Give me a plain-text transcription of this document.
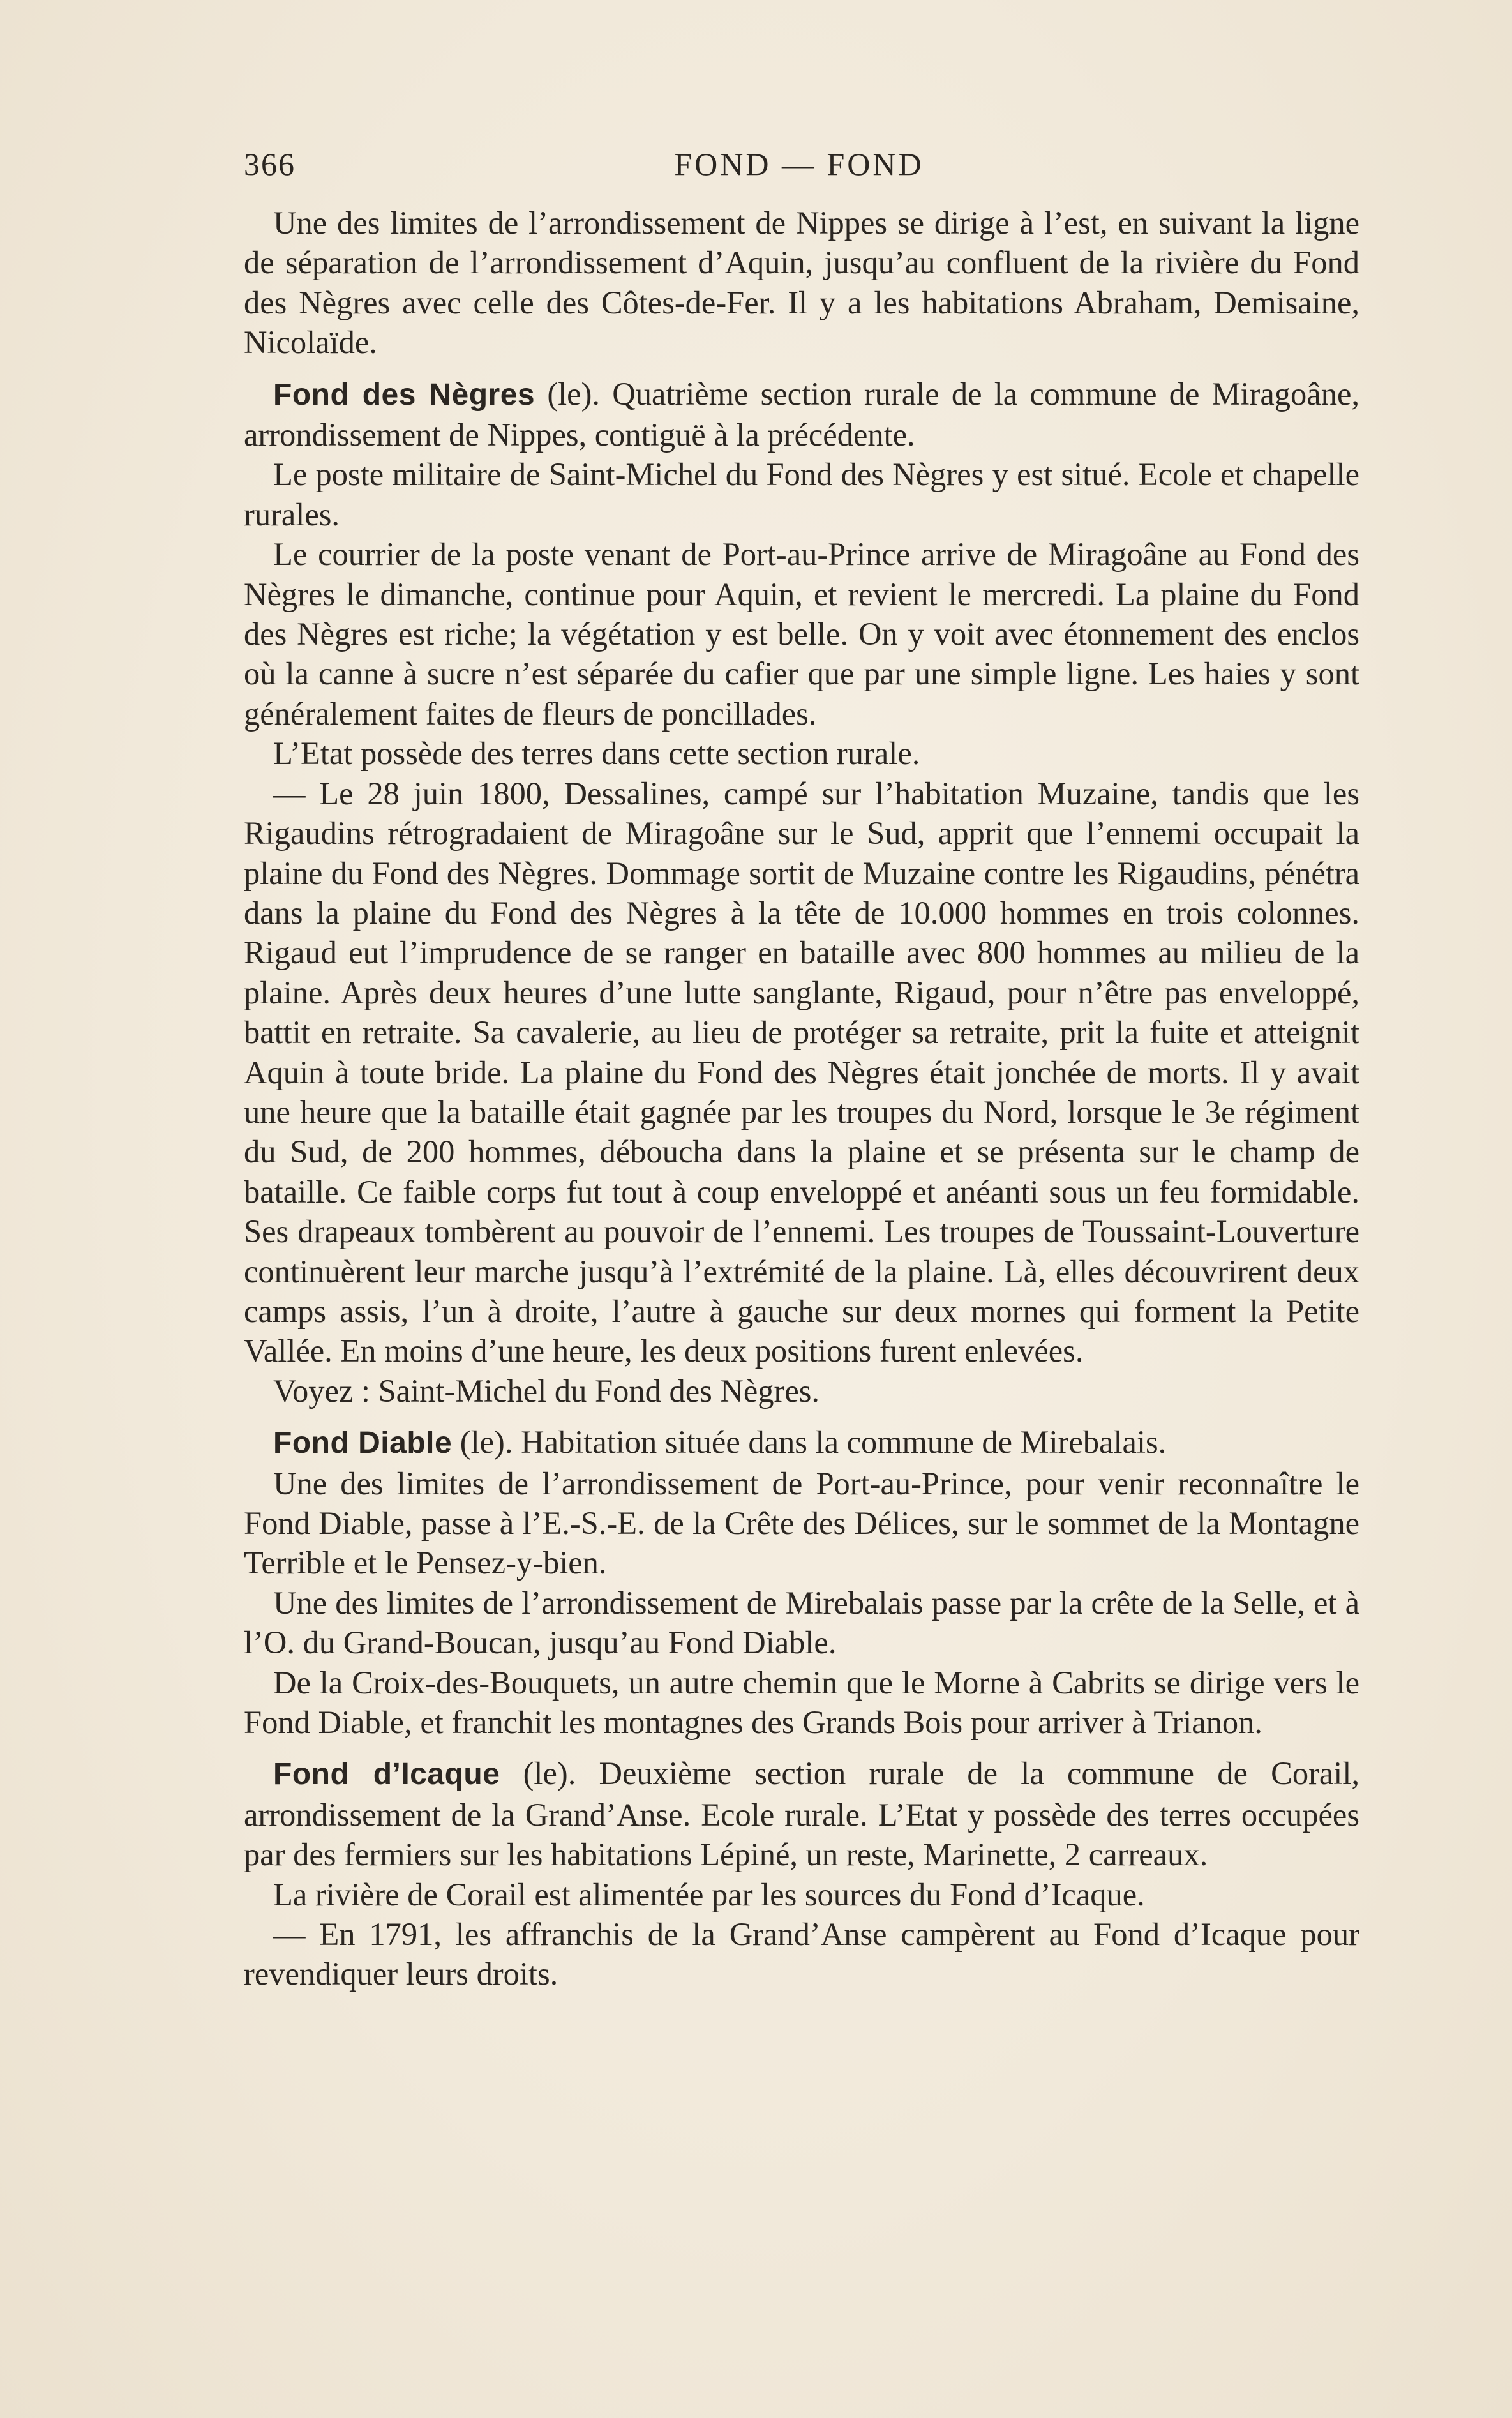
366	FOND — FOND

Une des limites de l’arrondissement de Nippes se dirige à l’est, en suivant la ligne de séparation de l’arrondissement d’Aquin, jusqu’au confluent de la rivière du Fond des Nègres avec celle des Côtes-de-Fer. Il y a les habitations Abraham, Demisaine, Nicolaïde.

Fond des Nègres (le). Quatrième section rurale de la commune de Miragoâne, arrondissement de Nippes, contiguë à la précédente.

Le poste militaire de Saint-Michel du Fond des Nègres y est situé. Ecole et chapelle rurales.

Le courrier de la poste venant de Port-au-Prince arrive de Miragoâne au Fond des Nègres le dimanche, continue pour Aquin, et revient le mercredi. La plaine du Fond des Nègres est riche; la végétation y est belle. On y voit avec étonnement des enclos où la canne à sucre n’est séparée du cafier que par une simple ligne. Les haies y sont généralement faites de fleurs de poncillades.

L’Etat possède des terres dans cette section rurale.

— Le 28 juin 1800, Dessalines, campé sur l’habitation Muzaine, tandis que les Rigaudins rétrogradaient de Miragoâne sur le Sud, apprit que l’ennemi occupait la plaine du Fond des Nègres. Dommage sortit de Muzaine contre les Rigaudins, pénétra dans la plaine du Fond des Nègres à la tête de 10.000 hommes en trois colonnes. Rigaud eut l’imprudence de se ranger en bataille avec 800 hommes au milieu de la plaine. Après deux heures d’une lutte sanglante, Rigaud, pour n’être pas enveloppé, battit en retraite. Sa cavalerie, au lieu de protéger sa retraite, prit la fuite et atteignit Aquin à toute bride. La plaine du Fond des Nègres était jonchée de morts. Il y avait une heure que la bataille était gagnée par les troupes du Nord, lorsque le 3e régiment du Sud, de 200 hommes, déboucha dans la plaine et se présenta sur le champ de bataille. Ce faible corps fut tout à coup enveloppé et anéanti sous un feu formidable. Ses drapeaux tombèrent au pouvoir de l’ennemi. Les troupes de Toussaint-Louverture continuèrent leur marche jusqu’à l’extrémité de la plaine. Là, elles découvrirent deux camps assis, l’un à droite, l’autre à gauche sur deux mornes qui forment la Petite Vallée. En moins d’une heure, les deux positions furent enlevées.

Voyez : Saint-Michel du Fond des Nègres.

Fond Diable (le). Habitation située dans la commune de Mirebalais.

Une des limites de l’arrondissement de Port-au-Prince, pour venir reconnaître le Fond Diable, passe à l’E.-S.-E. de la Crête des Délices, sur le sommet de la Montagne Terrible et le Pensez-y-bien.

Une des limites de l’arrondissement de Mirebalais passe par la crête de la Selle, et à l’O. du Grand-Boucan, jusqu’au Fond Diable.

De la Croix-des-Bouquets, un autre chemin que le Morne à Cabrits se dirige vers le Fond Diable, et franchit les montagnes des Grands Bois pour arriver à Trianon.

Fond d’Icaque (le). Deuxième section rurale de la commune de Corail, arrondissement de la Grand’Anse. Ecole rurale. L’Etat y possède des terres occupées par des fermiers sur les habitations Lépiné, un reste, Marinette, 2 carreaux.

La rivière de Corail est alimentée par les sources du Fond d’Icaque.

— En 1791, les affranchis de la Grand’Anse campèrent au Fond d’Icaque pour revendiquer leurs droits.
